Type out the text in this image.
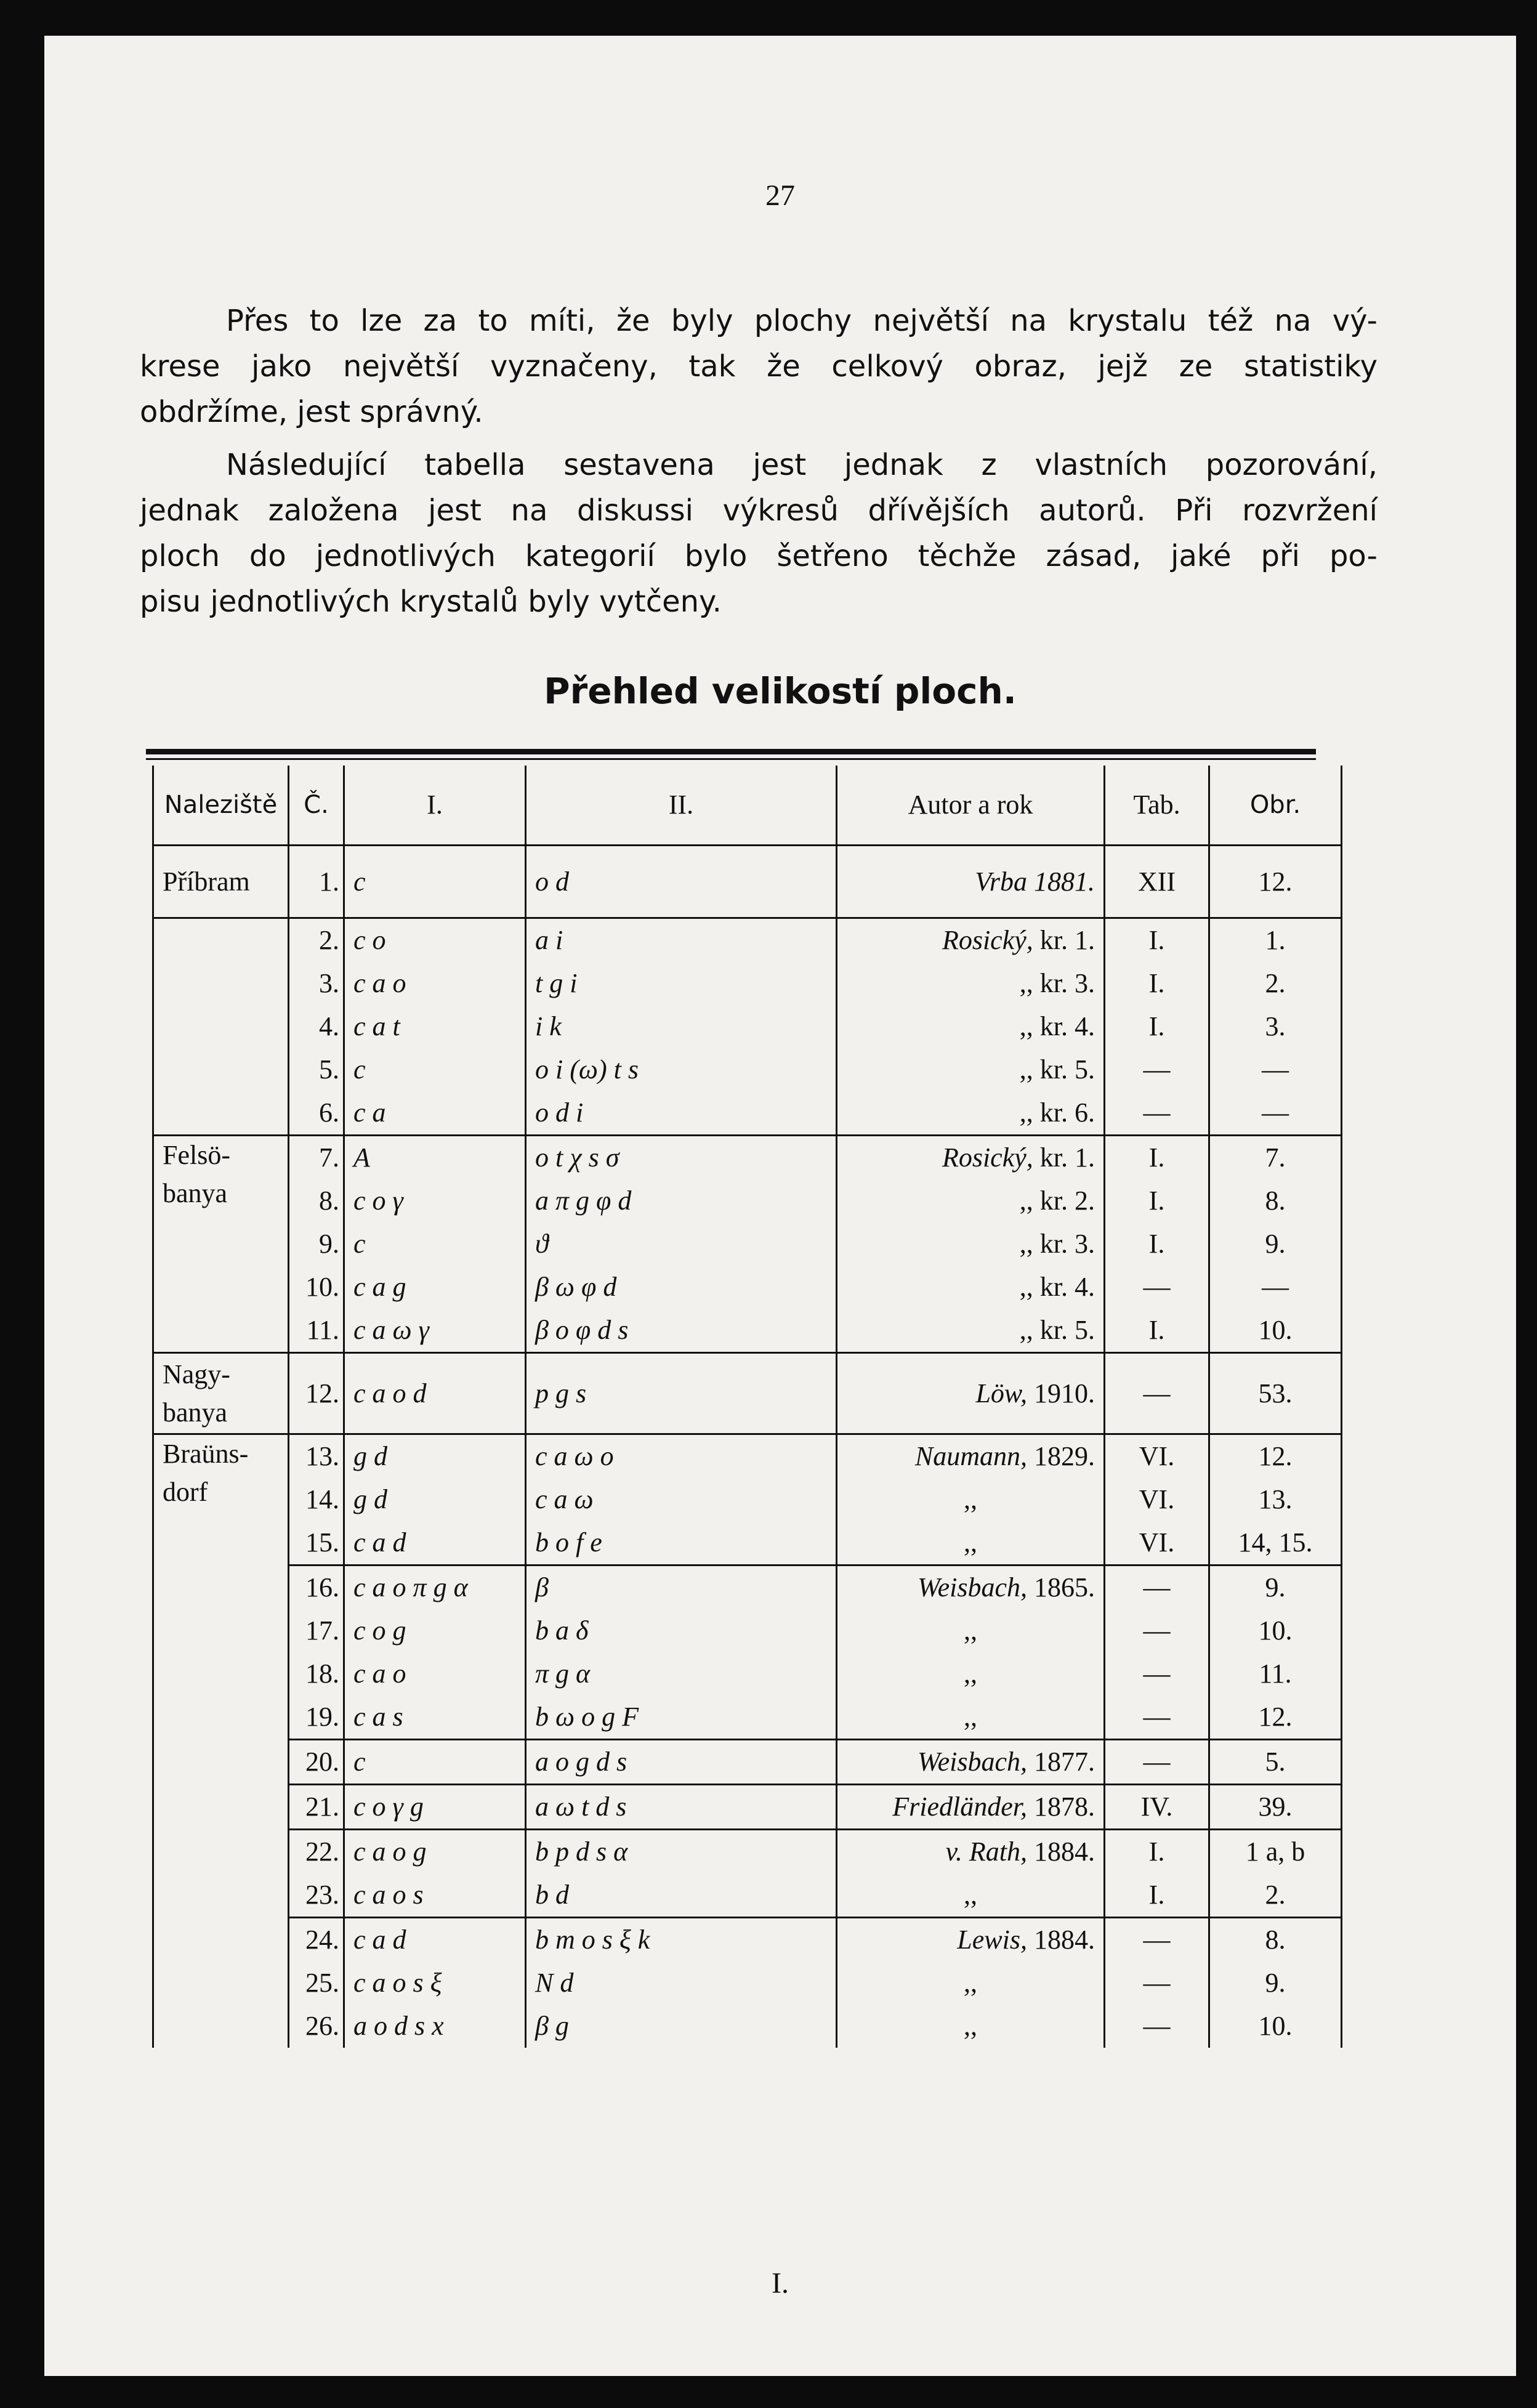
27
Přes to lze za to míti, že byly plochy největší na krystalu též na vý-
krese jako největší vyznačeny, tak že celkový obraz, jejž ze statistiky
obdržíme, jest správný.
Následující tabella sestavena jest jednak z vlastních pozorování,
jednak založena jest na diskussi výkresů dřívějších autorů. Při rozvržení
ploch do jednotlivých kategorií bylo šetřeno těchže zásad, jaké při po-
pisu jednotlivých krystalů byly vytčeny.
Přehled velikostí ploch.
Naleziště	Č.	I.	II.	Autor a rok	Tab.	Obr.

Příbram	1.	c	o d	Vrba 1881.	XII	12.

	2.	c o	a i	Rosický, kr. 1.	I.	1.
	3.	c a o	t g i	,, kr. 3.	I.	2.
	4.	c a t	i k	,, kr. 4.	I.	3.
	5.	c	o i (ω) t s	,, kr. 5.	—	—
	6.	c a	o d i	,, kr. 6.	—	—

Felsö-
banya	7.	A	o t χ s σ	Rosický, kr. 1.	I.	7.
	8.	c o γ	a π g φ d	,, kr. 2.	I.	8.
	9.	c	ϑ	,, kr. 3.	I.	9.
	10.	c a g	β ω φ d	,, kr. 4.	—	—
	11.	c a ω γ	β o φ d s	,, kr. 5.	I.	10.

Nagy-
banya	12.	c a o d	p g s	Löw, 1910.	—	53.

Braüns-
dorf	13.	g d	c a ω o	Naumann, 1829.	VI.	12.
	14.	g d	c a ω	,,	VI.	13.
	15.	c a d	b o f e	,,	VI.	14, 15.
	16.	c a o π g α	β	Weisbach, 1865.	—	9.
	17.	c o g	b a δ	,,	—	10.
	18.	c a o	π g α	,,	—	11.
	19.	c a s	b ω o g F	,,	—	12.
	20.	c	a o g d s	Weisbach, 1877.	—	5.
	21.	c o γ g	a ω t d s	Friedländer, 1878.	IV.	39.
	22.	c a o g	b p d s α	v. Rath, 1884.	I.	1 a, b
	23.	c a o s	b d	,,	I.	2.
	24.	c a d	b m o s ξ k	Lewis, 1884.	—	8.
	25.	c a o s ξ	N d	,,	—	9.
	26.	a o d s x	β g	,,	—	10.
I.
